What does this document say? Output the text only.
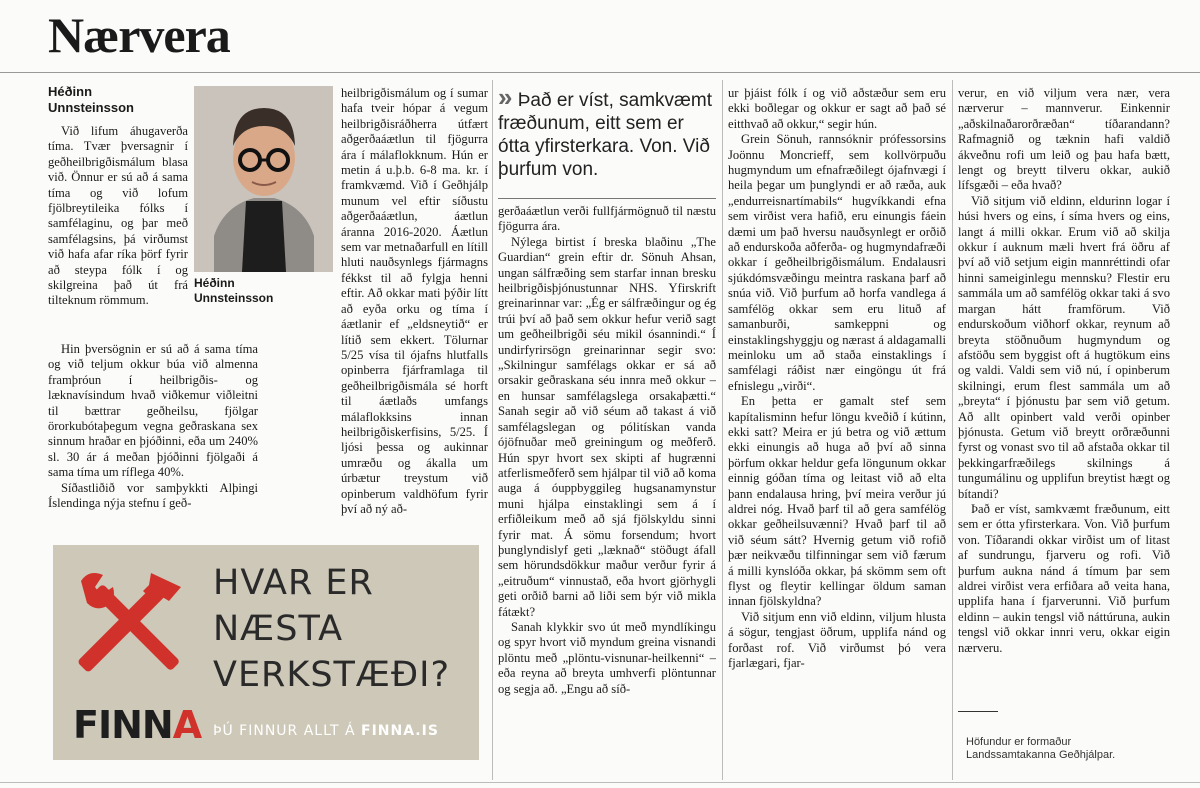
Nærvera
Héðinn Unnsteinsson

Við lifum áhugaverða tíma. Tvær þversagnir í geðheilbrigðismálum blasa við. Önnur er sú að á sama tíma og við lofum fjölbreytileika fólks í samfélaginu, og þar með samfélagsins, þá virðumst við hafa afar ríka þörf fyrir að steypa fólk í og skilgreina það út frá tilteknum römmum.

Hin þversögnin er sú að á sama tíma og við teljum okkur búa við almenna framþróun í heilbrigðis- og læknavísindum hvað viðkemur viðleitni til bættrar geðheilsu, fjölgar örorkubótaþegum vegna geðraskana sex sinnum hraðar en þjóðinni, eða um 240% sl. 30 ár á meðan þjóðinni fjölgaði á sama tíma um ríflega 40%.

Síðastliðið vor samþykkti Alþingi Íslendinga nýja stefnu í geð-

Héðinn Unnsteinsson

heilbrigðismálum og í sumar hafa tveir hópar á vegum heilbrigðisráðherra útfært aðgerðaáætlun til fjögurra ára í málaflokknum. Hún er metin á u.þ.b. 6-8 ma. kr. í framkvæmd. Við í Geðhjálp munum vel eftir síðustu aðgerðaáætlun, áætlun áranna 2016-2020. Áætlun sem var metnaðarfull en lítill hluti nauðsynlegs fjármagns fékkst til að fylgja henni eftir. Að okkar mati þýðir lítt að eyða orku og tíma í áætlanir ef „eldsneytið“ er lítið sem ekkert. Tölurnar 5/25 vísa til ójafns hlutfalls opinberra fjárframlaga til geðheilbrigðismála sé horft til áætlaðs umfangs málaflokksins innan heilbrigðiskerfisins, 5/25. Í ljósi þessa og aukinnar umræðu og ákalla um úrbætur treystum við opinberum valdhöfum fyrir því að ný að-

» Það er víst, samkvæmt fræðunum, eitt sem er ótta yfirsterkara. Von. Við þurfum von.

gerðaáætlun verði fullfjármögnuð til næstu fjögurra ára.

Nýlega birtist í breska blaðinu „The Guardian“ grein eftir dr. Sönuh Ahsan, ungan sálfræðing sem starfar innan bresku heilbrigðisþjónustunnar NHS. Yfirskrift greinarinnar var: „Ég er sálfræðingur og ég trúi því að það sem okkur hefur verið sagt um geðheilbrigði séu mikil ósannindi.“ Í undirfyrirsögn greinarinnar segir svo: „Skilningur samfélags okkar er sá að orsakir geðraskana séu innra með okkur – en hunsar samfélagslega orsakaþætti.“ Sanah segir að við séum að takast á við samfélagslegan og pólitískan vanda ójöfnuðar með greiningum og meðferð. Hún spyr hvort sex skipti af hugrænni atferlismeðferð sem hjálpar til við að koma auga á óuppbyggileg hugsanamynstur muni hjálpa einstaklingi sem á í erfiðleikum með að sjá fjölskyldu sinni fyrir mat. Á sömu forsendum; hvort þunglyndislyf geti „læknað“ stöðugt áfall sem hörundsdökkur maður verður fyrir á „eitruðum“ vinnustað, eða hvort gjörhygli geti orðið barni að liði sem býr við mikla fátækt?

Sanah klykkir svo út með myndlíkingu og spyr hvort við myndum greina visnandi plöntu með „plöntu-visnunar-heilkenni“ – eða reyna að breyta umhverfi plöntunnar og segja að. „Engu að síð-

ur þjáist fólk í og við aðstæður sem eru ekki boðlegar og okkur er sagt að það sé eitthvað að okkur,“ segir hún.

Grein Sönuh, rannsóknir prófessorsins Joönnu Moncrieff, sem kollvörpuðu hugmyndum um efnafræðilegt ójafnvægi í heila þegar um þunglyndi er að ræða, auk „endurreisnartímabils“ hugvíkkandi efna sem virðist vera hafið, eru einungis fáein dæmi um það hversu nauðsynlegt er orðið að endurskoða aðferða- og hugmyndafræði okkar í geðheilbrigðismálum. Endalausri sjúkdómsvæðingu meintra raskana þarf að snúa við. Við þurfum að horfa vandlega á samfélög okkar sem eru lituð af samanburði, samkeppni og einstaklingshyggju og nærast á aldagamalli meinloku um að staða einstaklings í samfélagi ráðist nær eingöngu út frá efnislegu „virði“.

En þetta er gamalt stef sem kapítalisminn hefur löngu kveðið í kútinn, ekki satt? Meira er jú betra og við ættum ekki einungis að huga að því að sinna þörfum okkar heldur gefa löngunum okkar einnig góðan tíma og leitast við að elta þann endalausa hring, því meira verður jú aldrei nóg. Hvað þarf til að gera samfélög okkar geðheilsuvænni? Hvað þarf til að við séum sátt? Hvernig getum við rofið þær neikvæðu tilfinningar sem við færum á milli kynslóða okkar, þá skömm sem oft flyst og fleytir kellingar öldum saman innan fjölskyldna?

Við sitjum enn við eldinn, viljum hlusta á sögur, tengjast öðrum, upplifa nánd og forðast rof. Við virðumst þó vera fjarlægari, fjar-

verur, en við viljum vera nær, vera nærverur – mannverur. Einkennir „aðskilnaðarorðræðan“ tíðarandann? Rafmagnið og tæknin hafi valdið ákveðnu rofi um leið og þau hafa bætt, lengt og breytt tilveru okkar, aukið lífsgæði – eða hvað?

Við sitjum við eldinn, eldurinn logar í húsi hvers og eins, í síma hvers og eins, langt á milli okkar. Erum við að skilja okkur í auknum mæli hvert frá öðru af því að við setjum eigin mannréttindi ofar hinni sameiginlegu mennsku? Flestir eru sammála um að samfélög okkar taki á svo margan hátt framförum. Við endurskoðum viðhorf okkar, reynum að breyta stöðnuðum hugmyndum og afstöðu sem byggist oft á hugtökum eins og valdi. Valdi sem við nú, í opinberum skilningi, erum flest sammála um að „breyta“ í þjónustu þar sem við getum. Að allt opinbert vald verði opinber þjónusta. Getum við breytt orðræðunni fyrst og vonast svo til að afstaða okkar til þekkingarfræðilegs skilnings á tungumálinu og upplifun breytist hægt og bítandi?

Það er víst, samkvæmt fræðunum, eitt sem er ótta yfirsterkara. Von. Við þurfum von. Tíðarandi okkar virðist um of litast af sundrungu, fjarveru og rofi. Við þurfum aukna nánd á tímum þar sem aldrei virðist vera erfiðara að veita hana, upplifa hana í fjarverunni. Við þurfum eldinn – aukin tengsl við náttúruna, aukin tengsl við okkar innri veru, okkar eigin nærveru.

Höfundur er formaður Landssamtakanna Geðhjálpar.
HVAR ER
NÆSTA
VERKSTÆÐI?
FINNA ÞÚ FINNUR ALLT Á FINNA.IS
